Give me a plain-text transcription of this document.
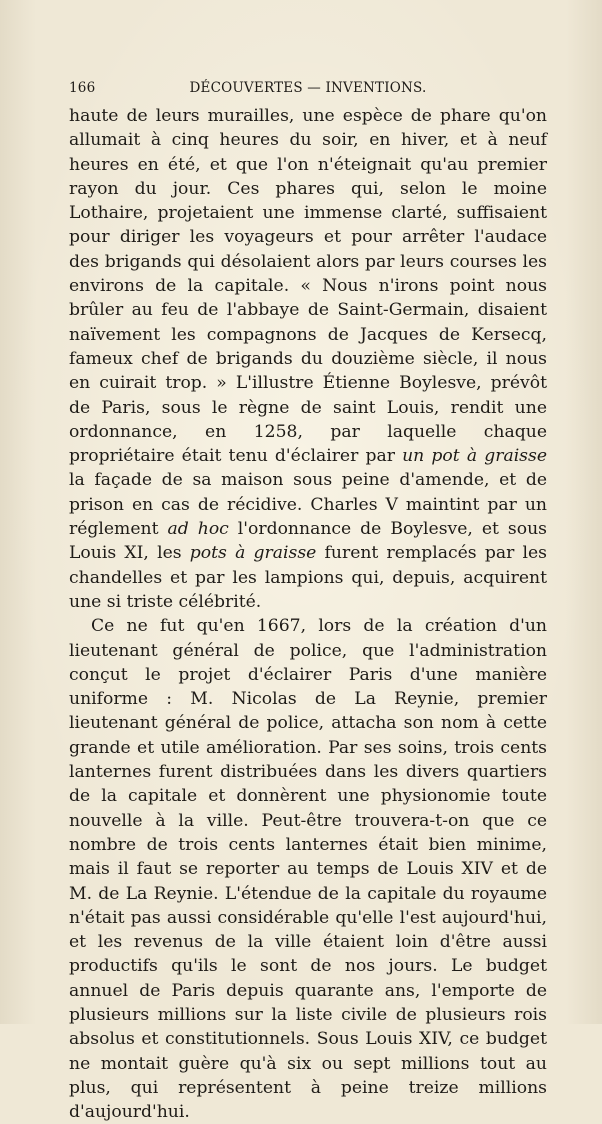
166	DÉCOUVERTES — INVENTIONS.

haute de leurs murailles, une espèce de phare qu'on allumait à cinq heures du soir, en hiver, et à neuf heures en été, et que l'on n'éteignait qu'au premier rayon du jour. Ces phares qui, selon le moine Lothaire, projetaient une immense clarté, suffisaient pour diriger les voyageurs et pour arrêter l'audace des brigands qui désolaient alors par leurs courses les environs de la capitale. « Nous n'irons point nous brûler au feu de l'abbaye de Saint-Germain, disaient naïvement les compagnons de Jacques de Kersecq, fameux chef de brigands du douzième siècle, il nous en cuirait trop. » L'illustre Étienne Boylesve, prévôt de Paris, sous le règne de saint Louis, rendit une ordonnance, en 1258, par laquelle chaque propriétaire était tenu d'éclairer par un pot à graisse la façade de sa maison sous peine d'amende, et de prison en cas de récidive. Charles V maintint par un réglement ad hoc l'ordonnance de Boylesve, et sous Louis XI, les pots à graisse furent remplacés par les chandelles et par les lampions qui, depuis, acquirent une si triste célébrité.

Ce ne fut qu'en 1667, lors de la création d'un lieutenant général de police, que l'administration conçut le projet d'éclairer Paris d'une manière uniforme : M. Nicolas de La Reynie, premier lieutenant général de police, attacha son nom à cette grande et utile amélioration. Par ses soins, trois cents lanternes furent distribuées dans les divers quartiers de la capitale et donnèrent une physionomie toute nouvelle à la ville. Peut-être trouvera-t-on que ce nombre de trois cents lanternes était bien minime, mais il faut se reporter au temps de Louis XIV et de M. de La Reynie. L'étendue de la capitale du royaume n'était pas aussi considérable qu'elle l'est aujourd'hui, et les revenus de la ville étaient loin d'être aussi productifs qu'ils le sont de nos jours. Le budget annuel de Paris depuis quarante ans, l'emporte de plusieurs millions sur la liste civile de plusieurs rois absolus et constitutionnels. Sous Louis XIV, ce budget ne montait guère qu'à six ou sept millions tout au plus, qui représentent à peine treize millions d'aujourd'hui.
